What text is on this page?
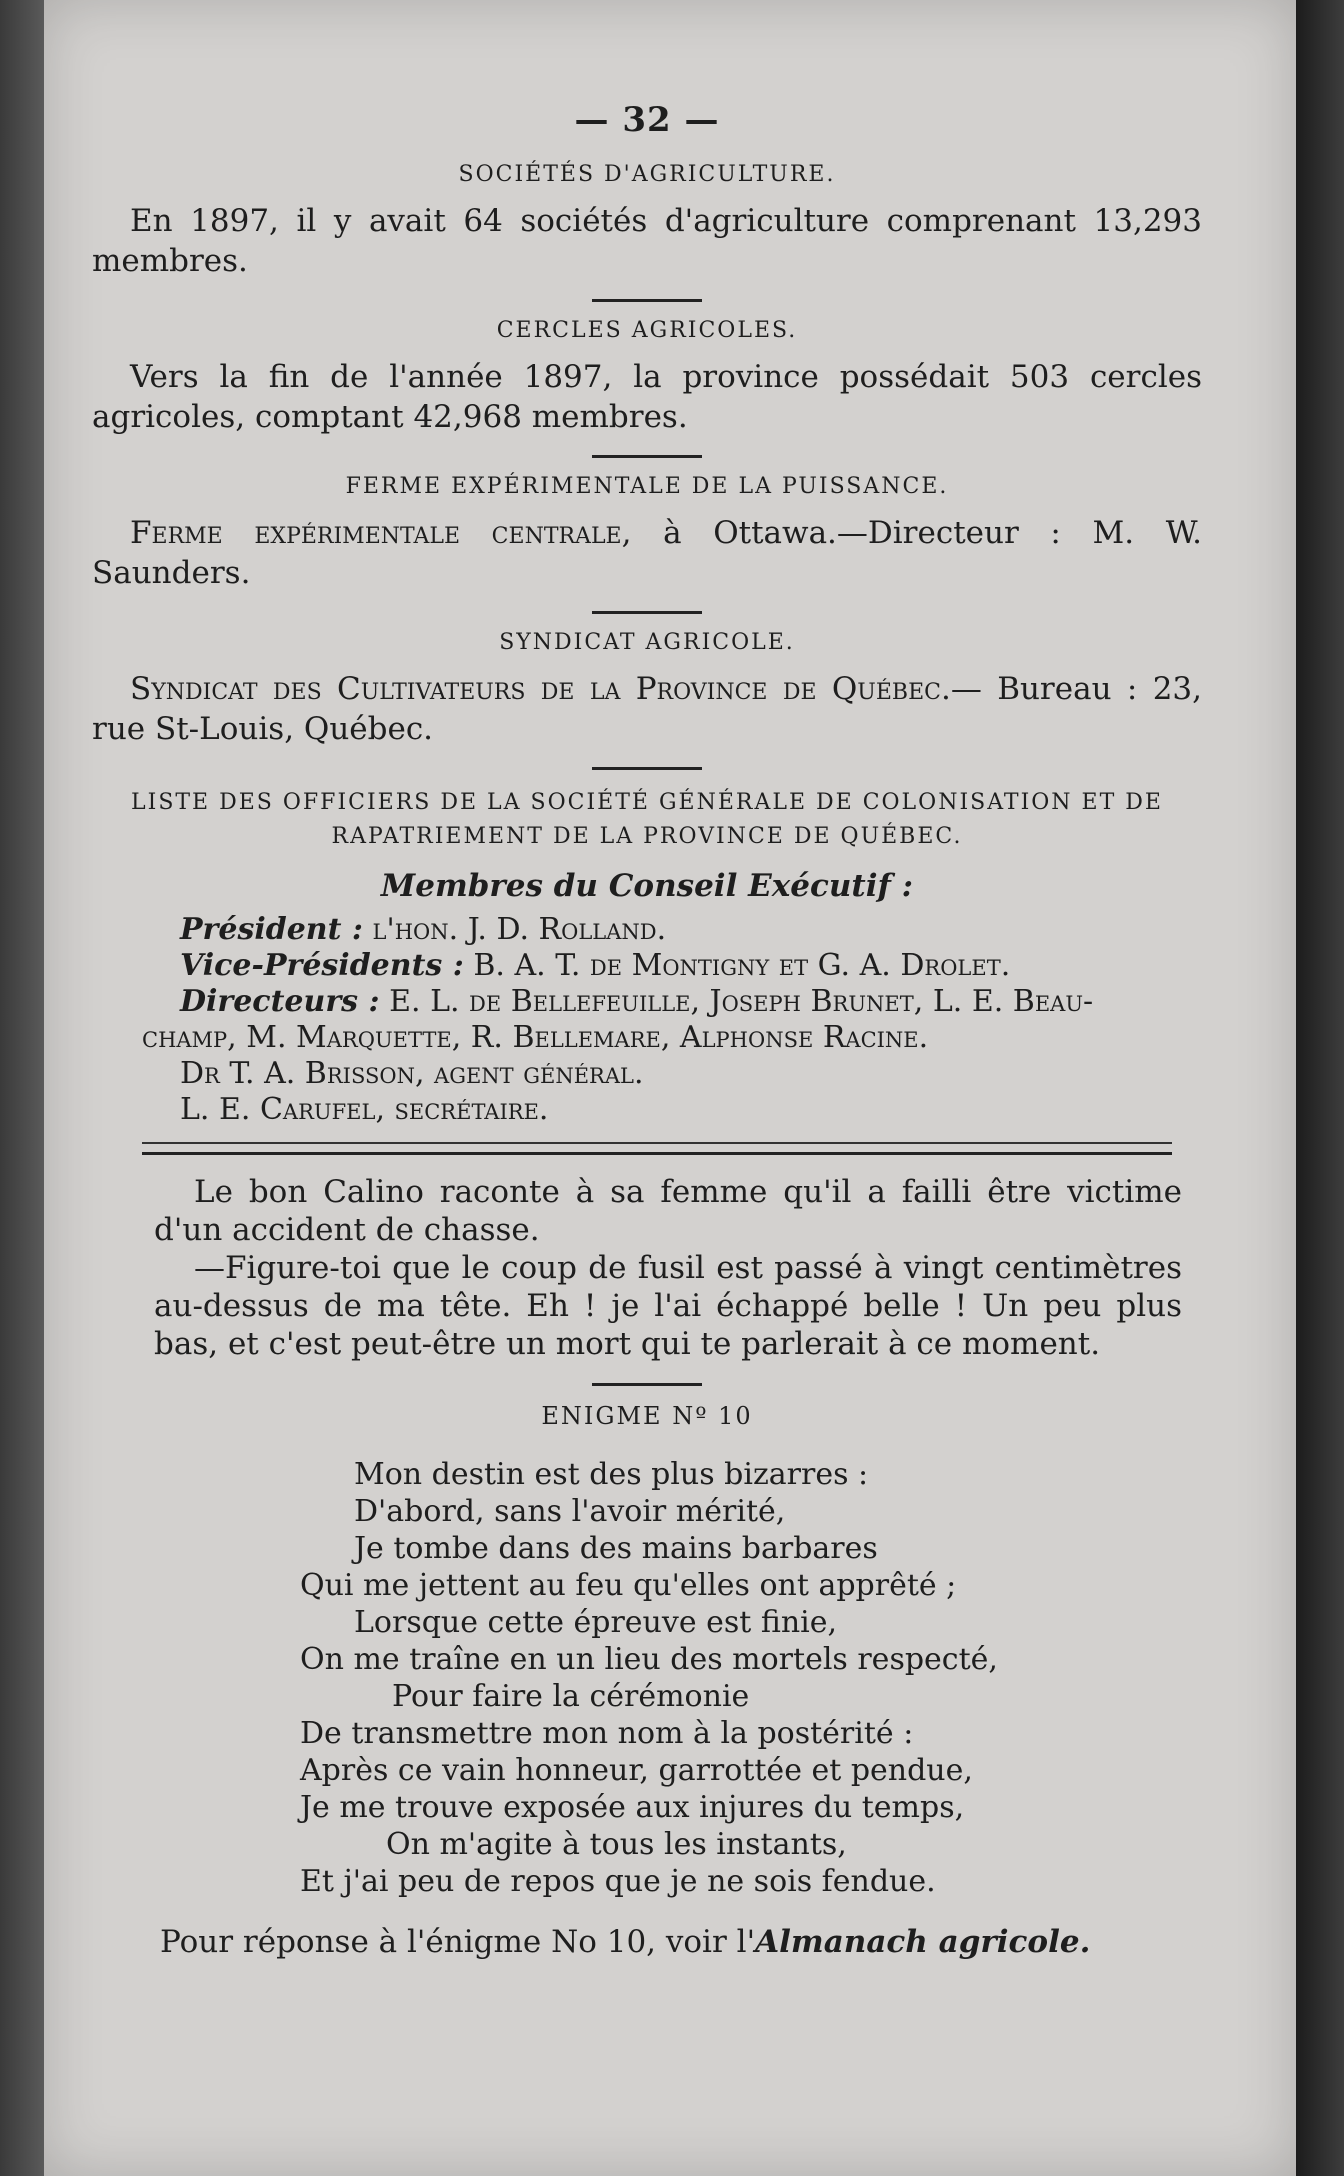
— 32 —
SOCIÉTÉS D'AGRICULTURE.

En 1897, il y avait 64 sociétés d'agriculture comprenant 13,293 membres.

CERCLES AGRICOLES.

Vers la fin de l'année 1897, la province possédait 503 cercles agricoles, comptant 42,968 membres.

FERME EXPÉRIMENTALE DE LA PUISSANCE.

Ferme expérimentale centrale, à Ottawa.—Directeur : M. W. Saunders.

SYNDICAT AGRICOLE.

Syndicat des Cultivateurs de la Province de Québec.— Bureau : 23, rue St-Louis, Québec.

LISTE DES OFFICIERS DE LA SOCIÉTÉ GÉNÉRALE DE COLONISATION ET DE RAPATRIEMENT DE LA PROVINCE DE QUÉBEC.
Membres du Conseil Exécutif :
Président : l'hon. J. D. Rolland.
Vice-Présidents : B. A. T. de Montigny et G. A. Drolet.
Directeurs : E. L. de Bellefeuille, Joseph Brunet, L. E. Beau-
champ, M. Marquette, R. Bellemare, Alphonse Racine.
Dr T. A. Brisson, agent général.
L. E. Carufel, secrétaire.

Le bon Calino raconte à sa femme qu'il a failli être victime d'un accident de chasse.

—Figure-toi que le coup de fusil est passé à vingt centimètres au-dessus de ma tête. Eh ! je l'ai échappé belle ! Un peu plus bas, et c'est peut-être un mort qui te parlerait à ce moment.

ENIGME Nº 10
Mon destin est des plus bizarres :
D'abord, sans l'avoir mérité,
Je tombe dans des mains barbares
Qui me jettent au feu qu'elles ont apprêté ;
Lorsque cette épreuve est finie,
On me traîne en un lieu des mortels respecté,
Pour faire la cérémonie
De transmettre mon nom à la postérité :
Après ce vain honneur, garrottée et pendue,
Je me trouve exposée aux injures du temps,
On m'agite à tous les instants,
Et j'ai peu de repos que je ne sois fendue.
Pour réponse à l'énigme No 10, voir l'Almanach agricole.
